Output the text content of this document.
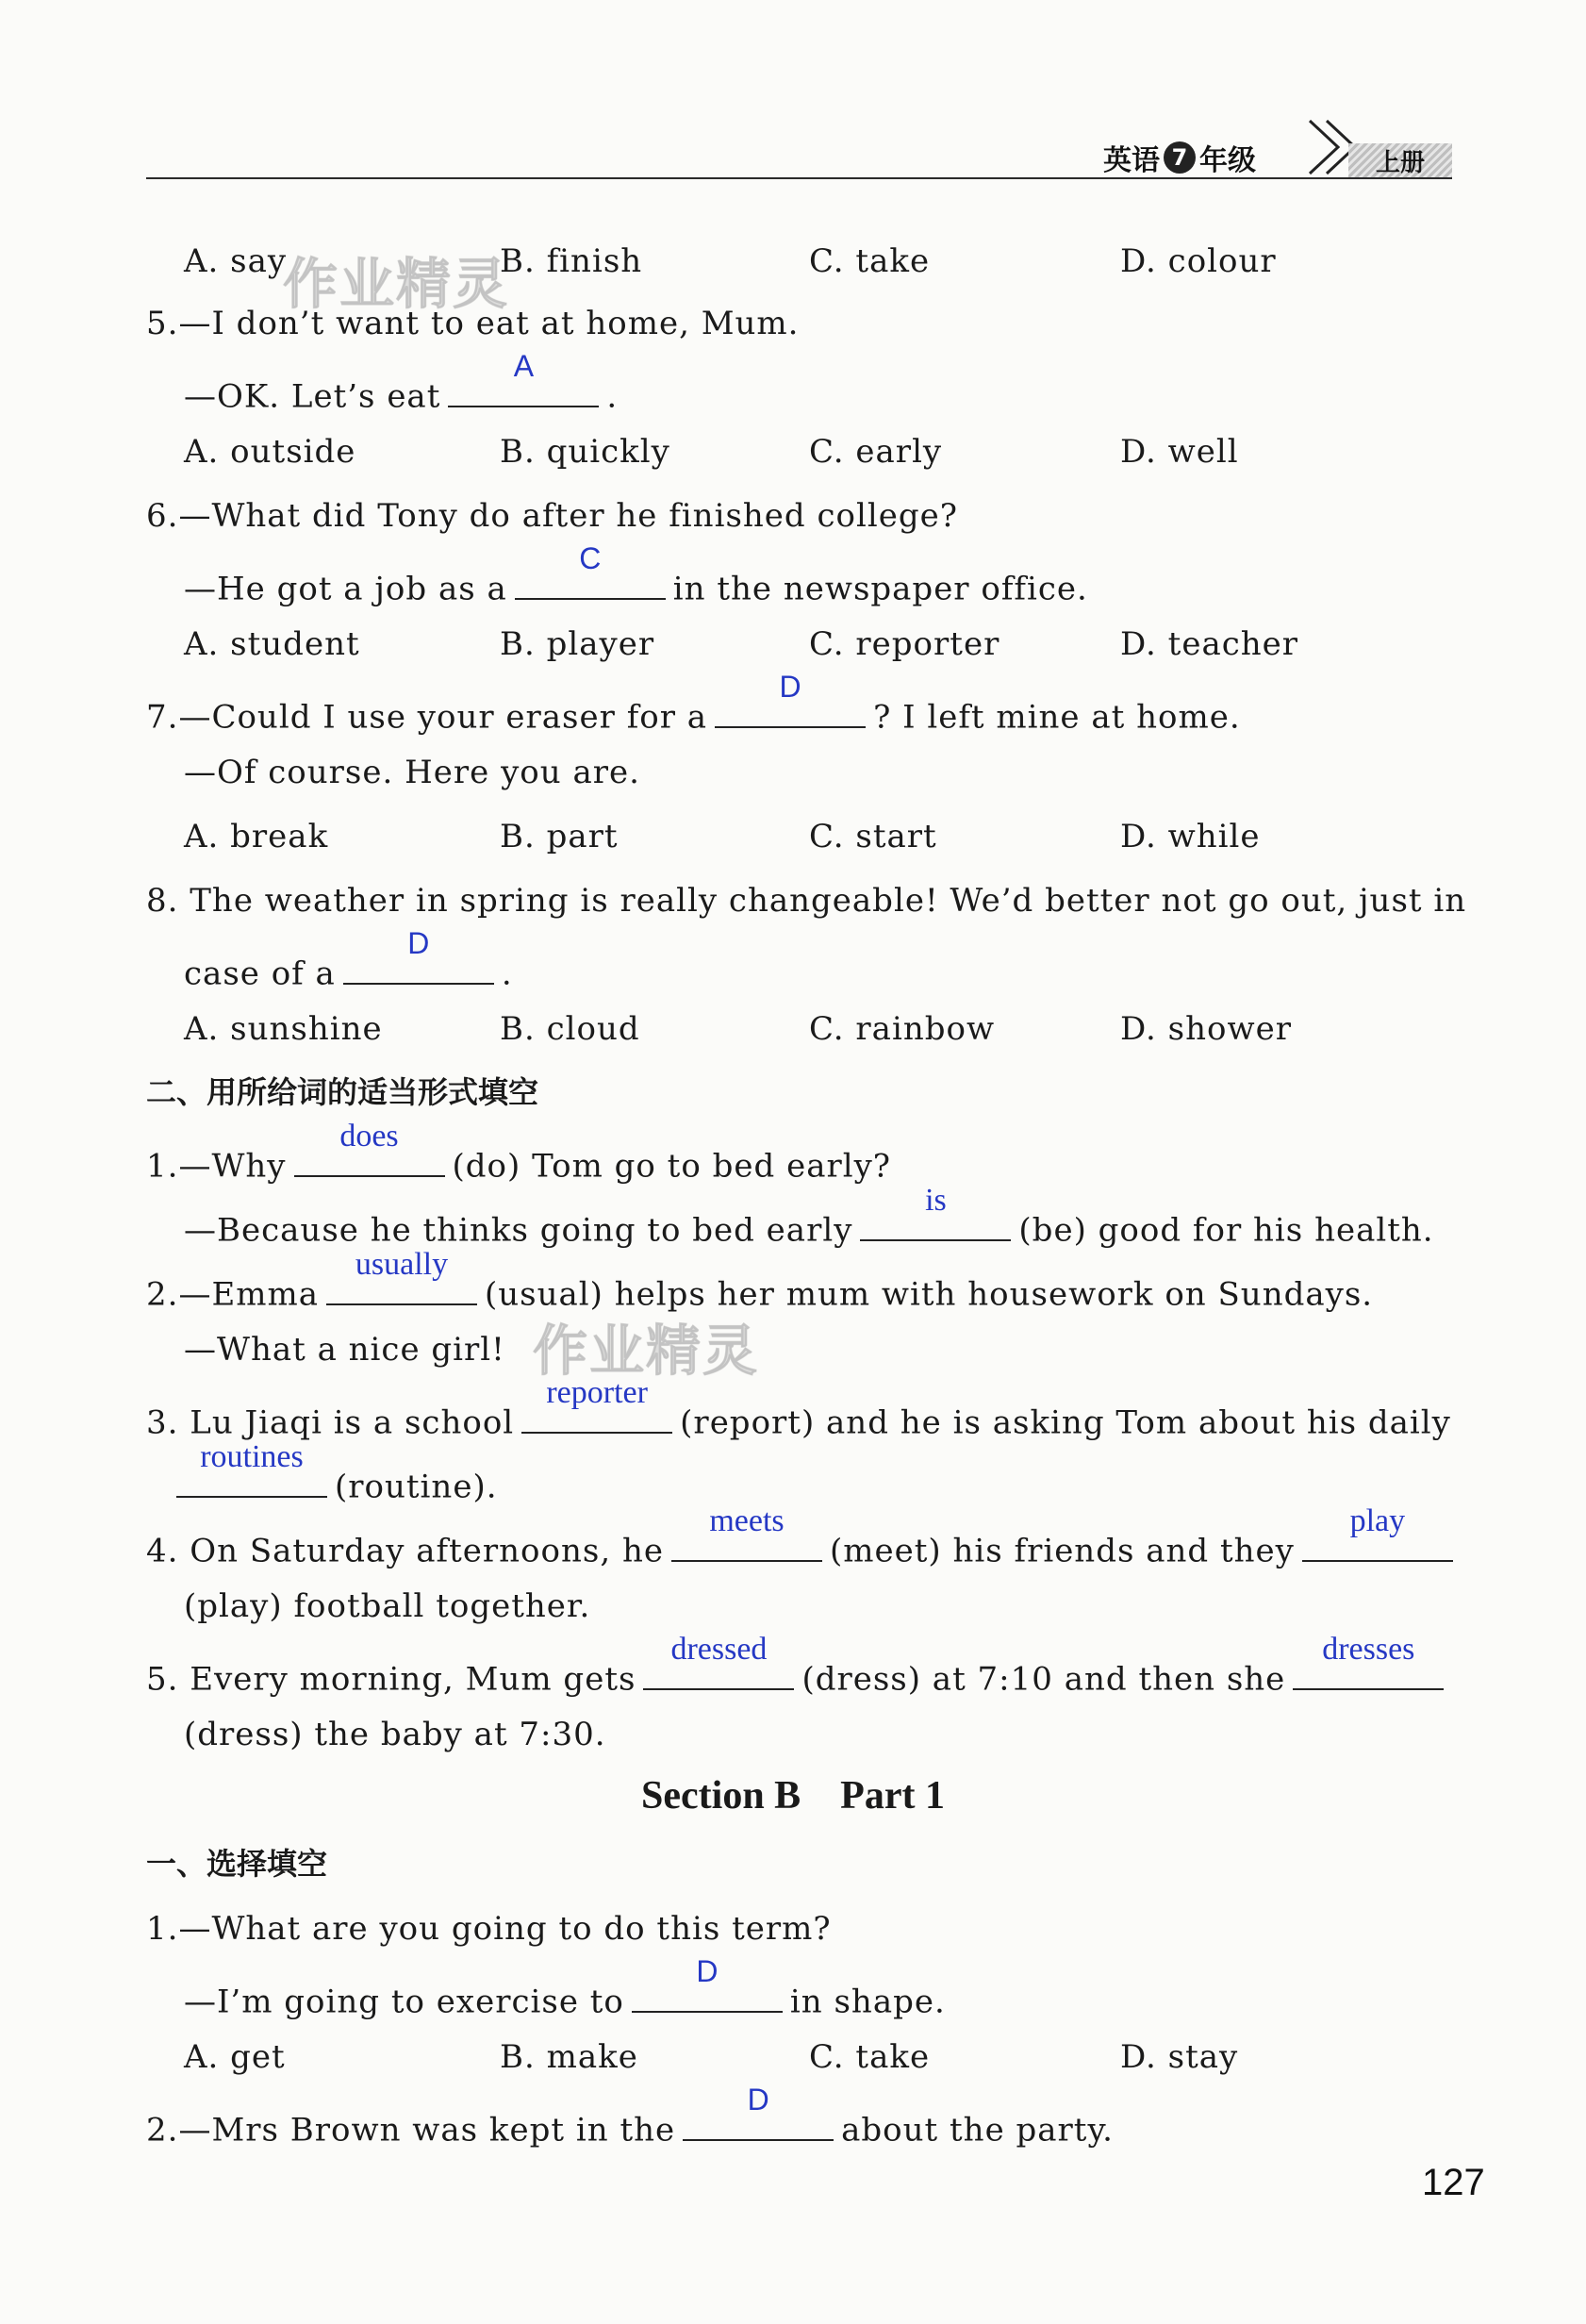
英语 7 年级	上册
作业精灵
作业精灵
A. say	B. finish	C. take	D. colour
5.—I don’t want to eat at home, Mum.
—OK. Let’s eat
A
.
A. outside	B. quickly	C. early	D. well
6.—What did Tony do after he finished college?
—He got a job as a
C
in the newspaper office.
A. student	B. player	C. reporter	D. teacher
7.—Could I use your eraser for a
D
? I left mine at home.
—Of course. Here you are.
A. break	B. part	C. start	D. while
8. The weather in spring is really changeable! We’d better not go out, just in
case of a
D
.
A. sunshine	B. cloud	C. rainbow	D. shower
二、用所给词的适当形式填空
1.—Why
does
(do) Tom go to bed early?
—Because he thinks going to bed early
is
(be) good for his health.
2.—Emma
usually
(usual) helps her mum with housework on Sundays.
—What a nice girl!
3. Lu Jiaqi is a school
reporter
(report) and he is asking Tom about his daily
routines
(routine).
4. On Saturday afternoons, he
meets
(meet) his friends and they
play
(play) football together.
5. Every morning, Mum gets
dressed
(dress) at 7:10 and then she
dresses
(dress) the baby at 7:30.
Section B    Part 1
一、选择填空
1.—What are you going to do this term?
—I’m going to exercise to
D
in shape.
A. get	B. make	C. take	D. stay
2.—Mrs Brown was kept in the
D
about the party.
127
